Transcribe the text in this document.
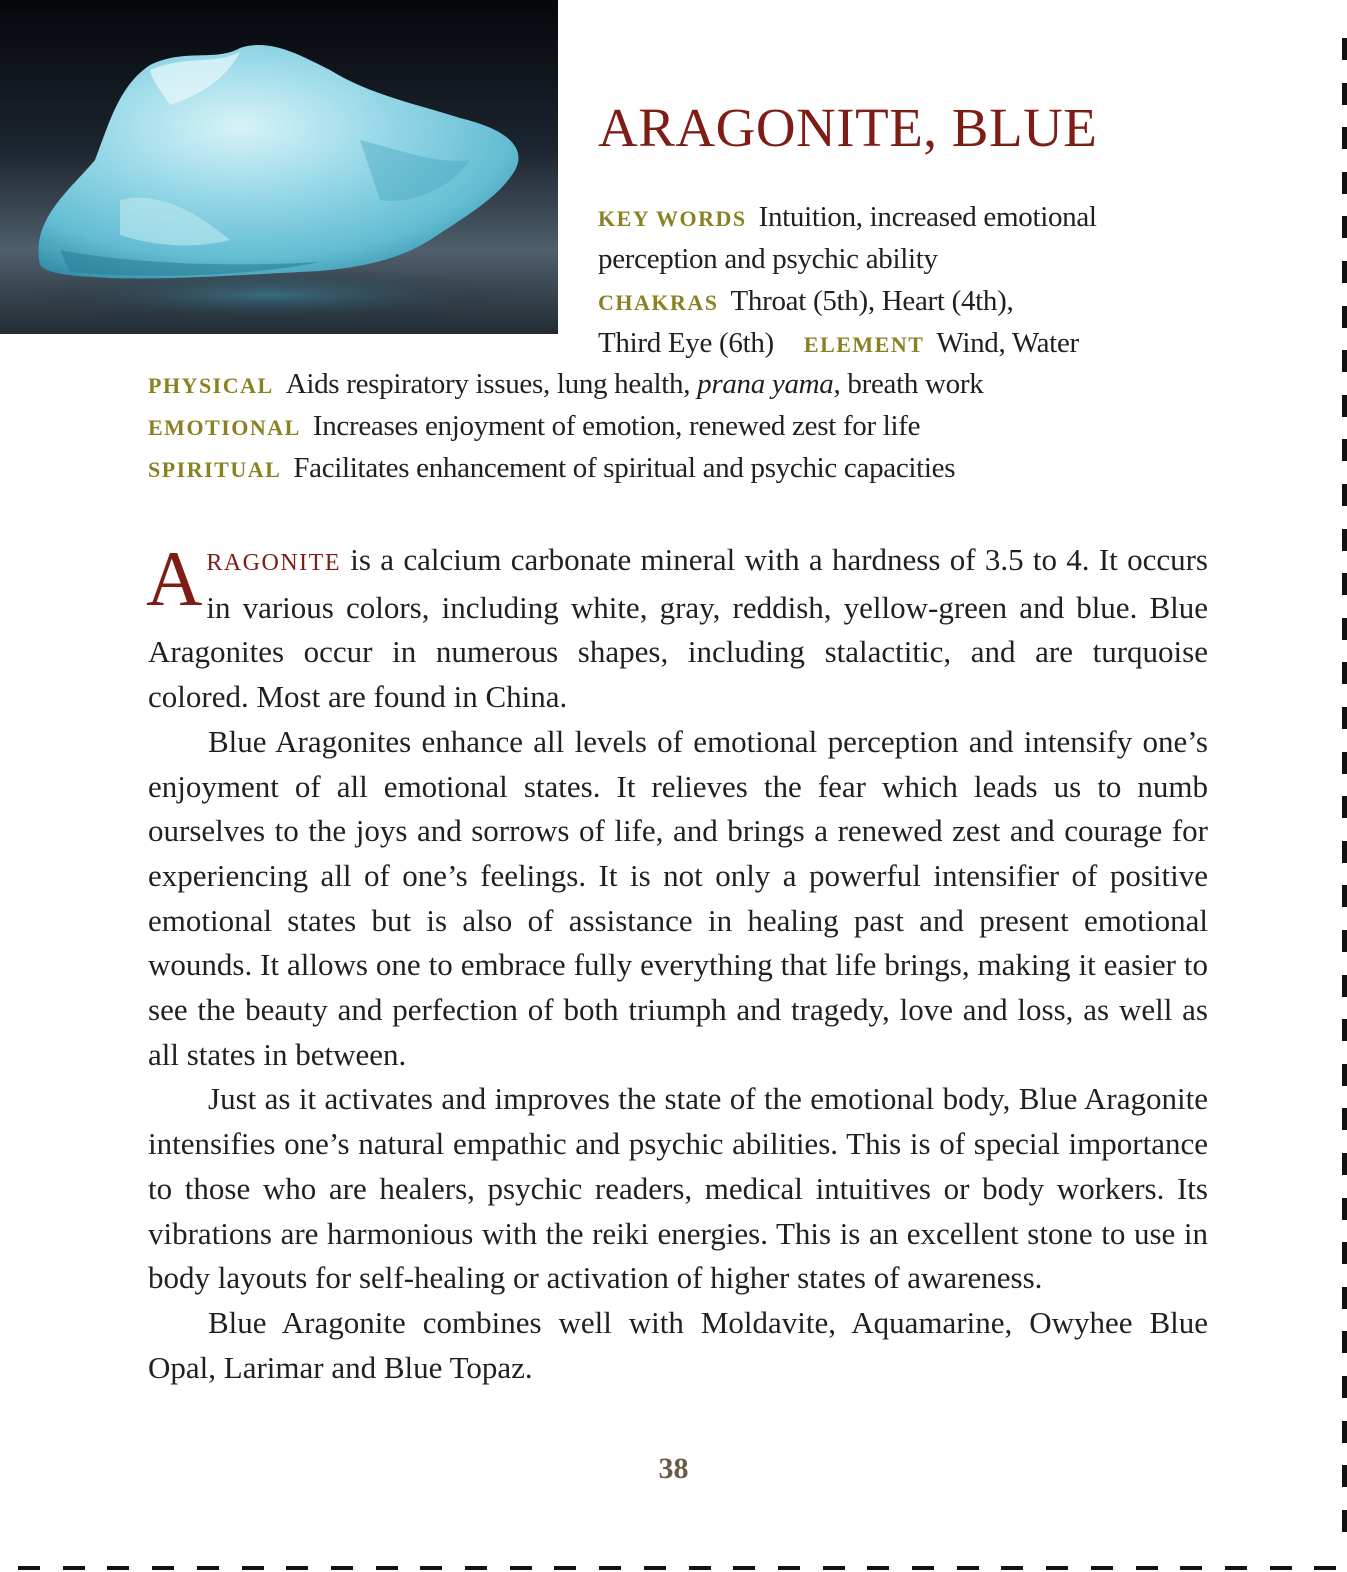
ARAGONITE, BLUE
KEY WORDS Intuition, increased emotional
perception and psychic ability
CHAKRAS Throat (5th), Heart (4th),
Third Eye (6th) ELEMENT Wind, Water
PHYSICAL Aids respiratory issues, lung health, prana yama, breath work
EMOTIONAL Increases enjoyment of emotion, renewed zest for life
SPIRITUAL Facilitates enhancement of spiritual and psychic capacities

ARAGONITE is a calcium carbonate mineral with a hardness of 3.5 to 4. It occurs in various colors, including white, gray, reddish, yellow-green and blue. Blue Aragonites occur in numerous shapes, including stalactitic, and are turquoise colored. Most are found in China.

Blue Aragonites enhance all levels of emotional perception and intensify one’s enjoyment of all emotional states. It relieves the fear which leads us to numb ourselves to the joys and sorrows of life, and brings a renewed zest and courage for experiencing all of one’s feelings. It is not only a powerful intensifier of positive emotional states but is also of assistance in healing past and present emotional wounds. It allows one to embrace fully everything that life brings, making it easier to see the beauty and perfection of both triumph and tragedy, love and loss, as well as all states in between.

Just as it activates and improves the state of the emotional body, Blue Aragonite intensifies one’s natural empathic and psychic abilities. This is of special importance to those who are healers, psychic readers, medical intuitives or body workers. Its vibrations are harmonious with the reiki energies. This is an excellent stone to use in body layouts for self-healing or activation of higher states of awareness.

Blue Aragonite combines well with Moldavite, Aquamarine, Owyhee Blue Opal, Larimar and Blue Topaz.

38
